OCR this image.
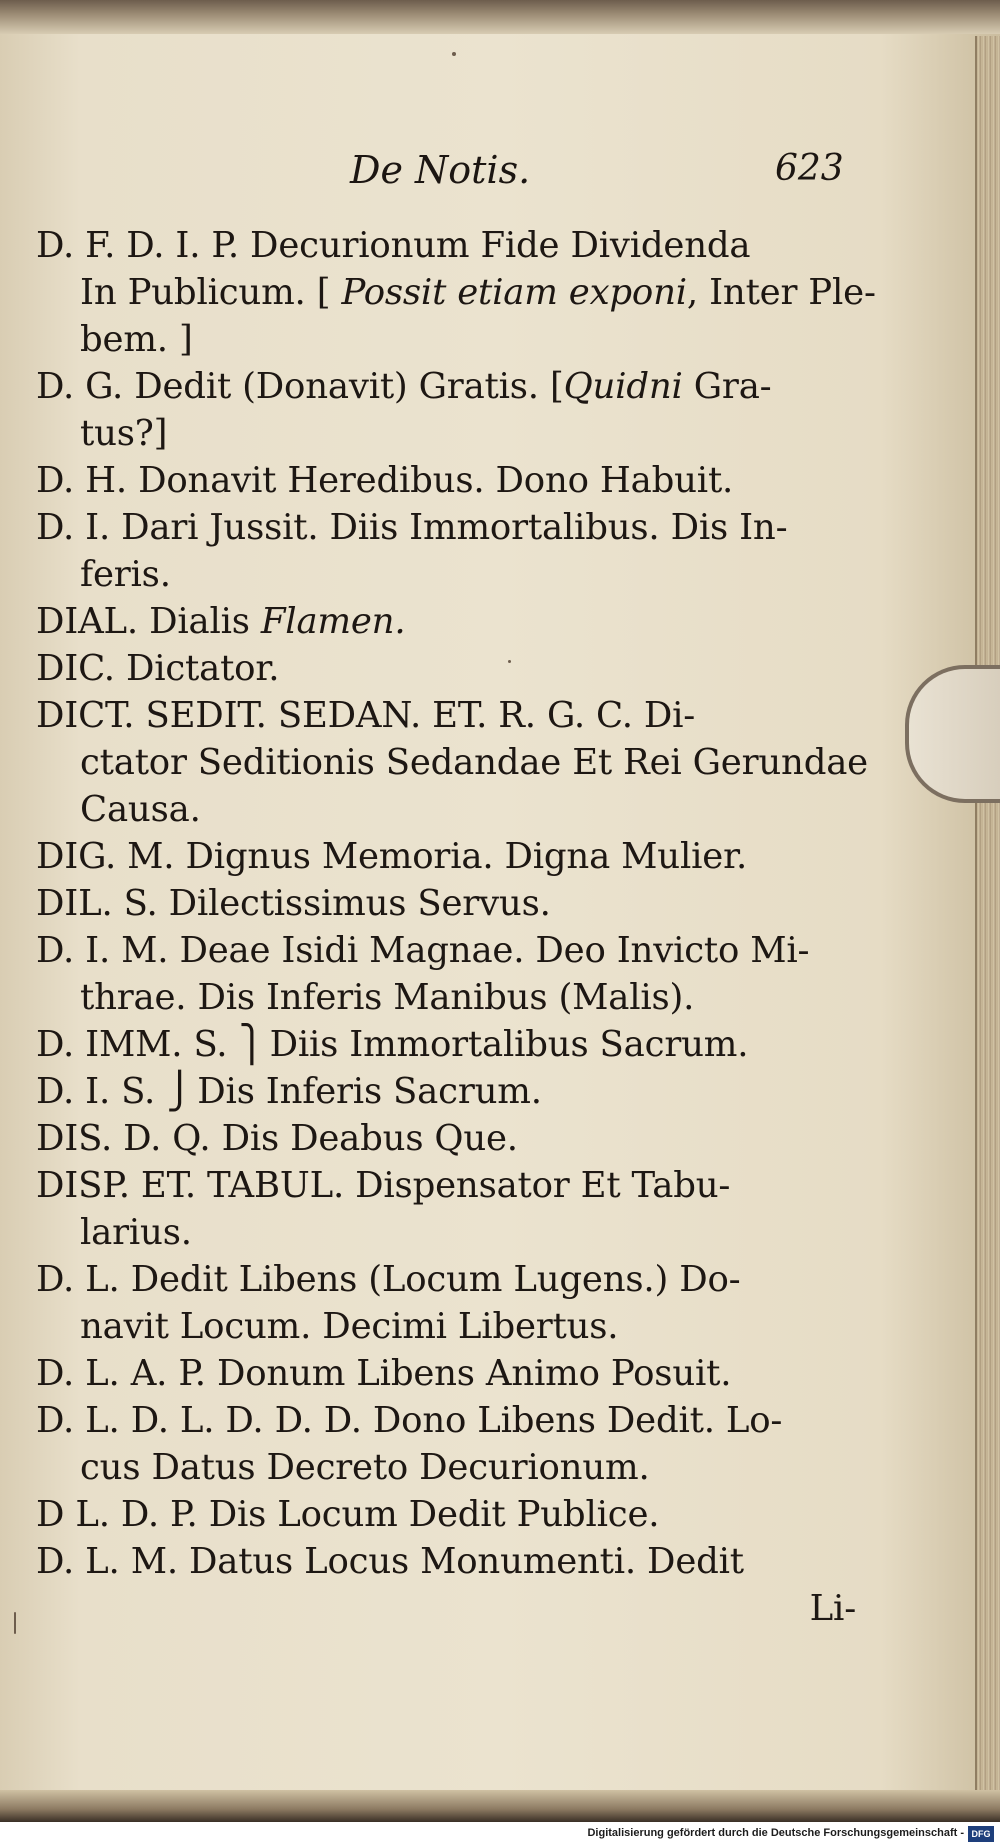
De Notis.	623
D. F. D. I. P. Decurionum Fide Dividenda
In Publicum. [ Possit etiam exponi, Inter Ple-
bem. ]
D. G. Dedit (Donavit) Gratis. [Quidni Gra-
tus?]
D. H. Donavit Heredibus. Dono Habuit.
D. I. Dari Jussit. Diis Immortalibus. Dis In-
feris.
DIAL. Dialis Flamen.
DIC. Dictator.
DICT. SEDIT. SEDAN. ET. R. G. C. Di-
ctator Seditionis Sedandae Et Rei Gerundae
Causa.
DIG. M. Dignus Memoria. Digna Mulier.
DIL. S. Dilectissimus Servus.
D. I. M. Deae Isidi Magnae. Deo Invicto Mi-
thrae. Dis Inferis Manibus (Malis).
D. IMM. S. ⎫ Diis Immortalibus Sacrum.
D. I. S. ⎭ Dis Inferis Sacrum.
DIS. D. Q. Dis Deabus Que.
DISP. ET. TABUL. Dispensator Et Tabu-
larius.
D. L. Dedit Libens (Locum Lugens.) Do-
navit Locum. Decimi Libertus.
D. L. A. P. Donum Libens Animo Posuit.
D. L. D. L. D. D. D. Dono Libens Dedit. Lo-
cus Datus Decreto Decurionum.
D L. D. P. Dis Locum Dedit Publice.
D. L. M. Datus Locus Monumenti. Dedit
Li-
Digitalisierung gefördert durch die Deutsche Forschungsgemeinschaft - DFG
